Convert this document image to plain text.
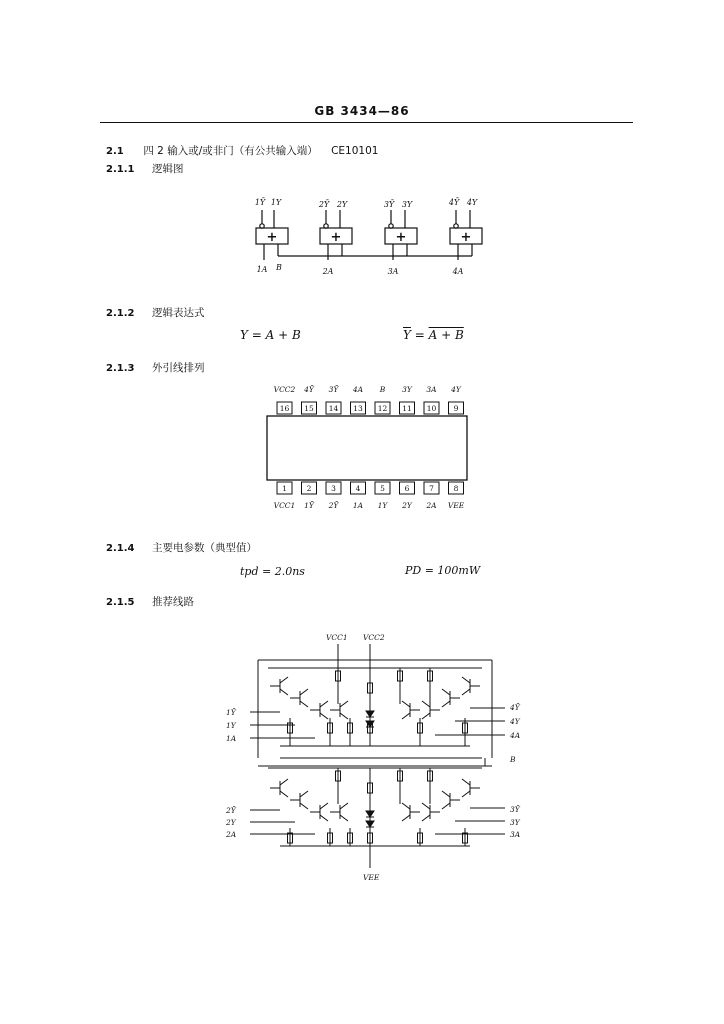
GB 3434—86
2.1 四 2 输入或/或非门（有公共输入端） CE10101
2.1.1 逻辑图
+	+	+	+
1Ȳ 1Y	2Ȳ 2Y	3Ȳ 3Y	4Ȳ 4Y
1A B	2A	3A	4A
2.1.2 逻辑表达式
Y = A + B	$\overline{Y} = A + B$
2.1.3 外引线排列
16
1
VCC2
VCC1
15
2
4Ȳ
1Ȳ
14
3
3Ȳ
2Ȳ
13
4
4A
1A
12
5
B
1Y
11
6
3Y
2Y
10
7
3A
2A
9
8
4Y
VEE
2.1.4 主要电参数（典型值）
tpd = 2.0ns	PD = 100mW
2.1.5 推荐线路
VCC1 VCC2
VEE
B
1Ȳ
1Y
1A
2Ȳ
2Y
2A
4Ȳ
4Y
4A
3Ȳ
3Y
3A
